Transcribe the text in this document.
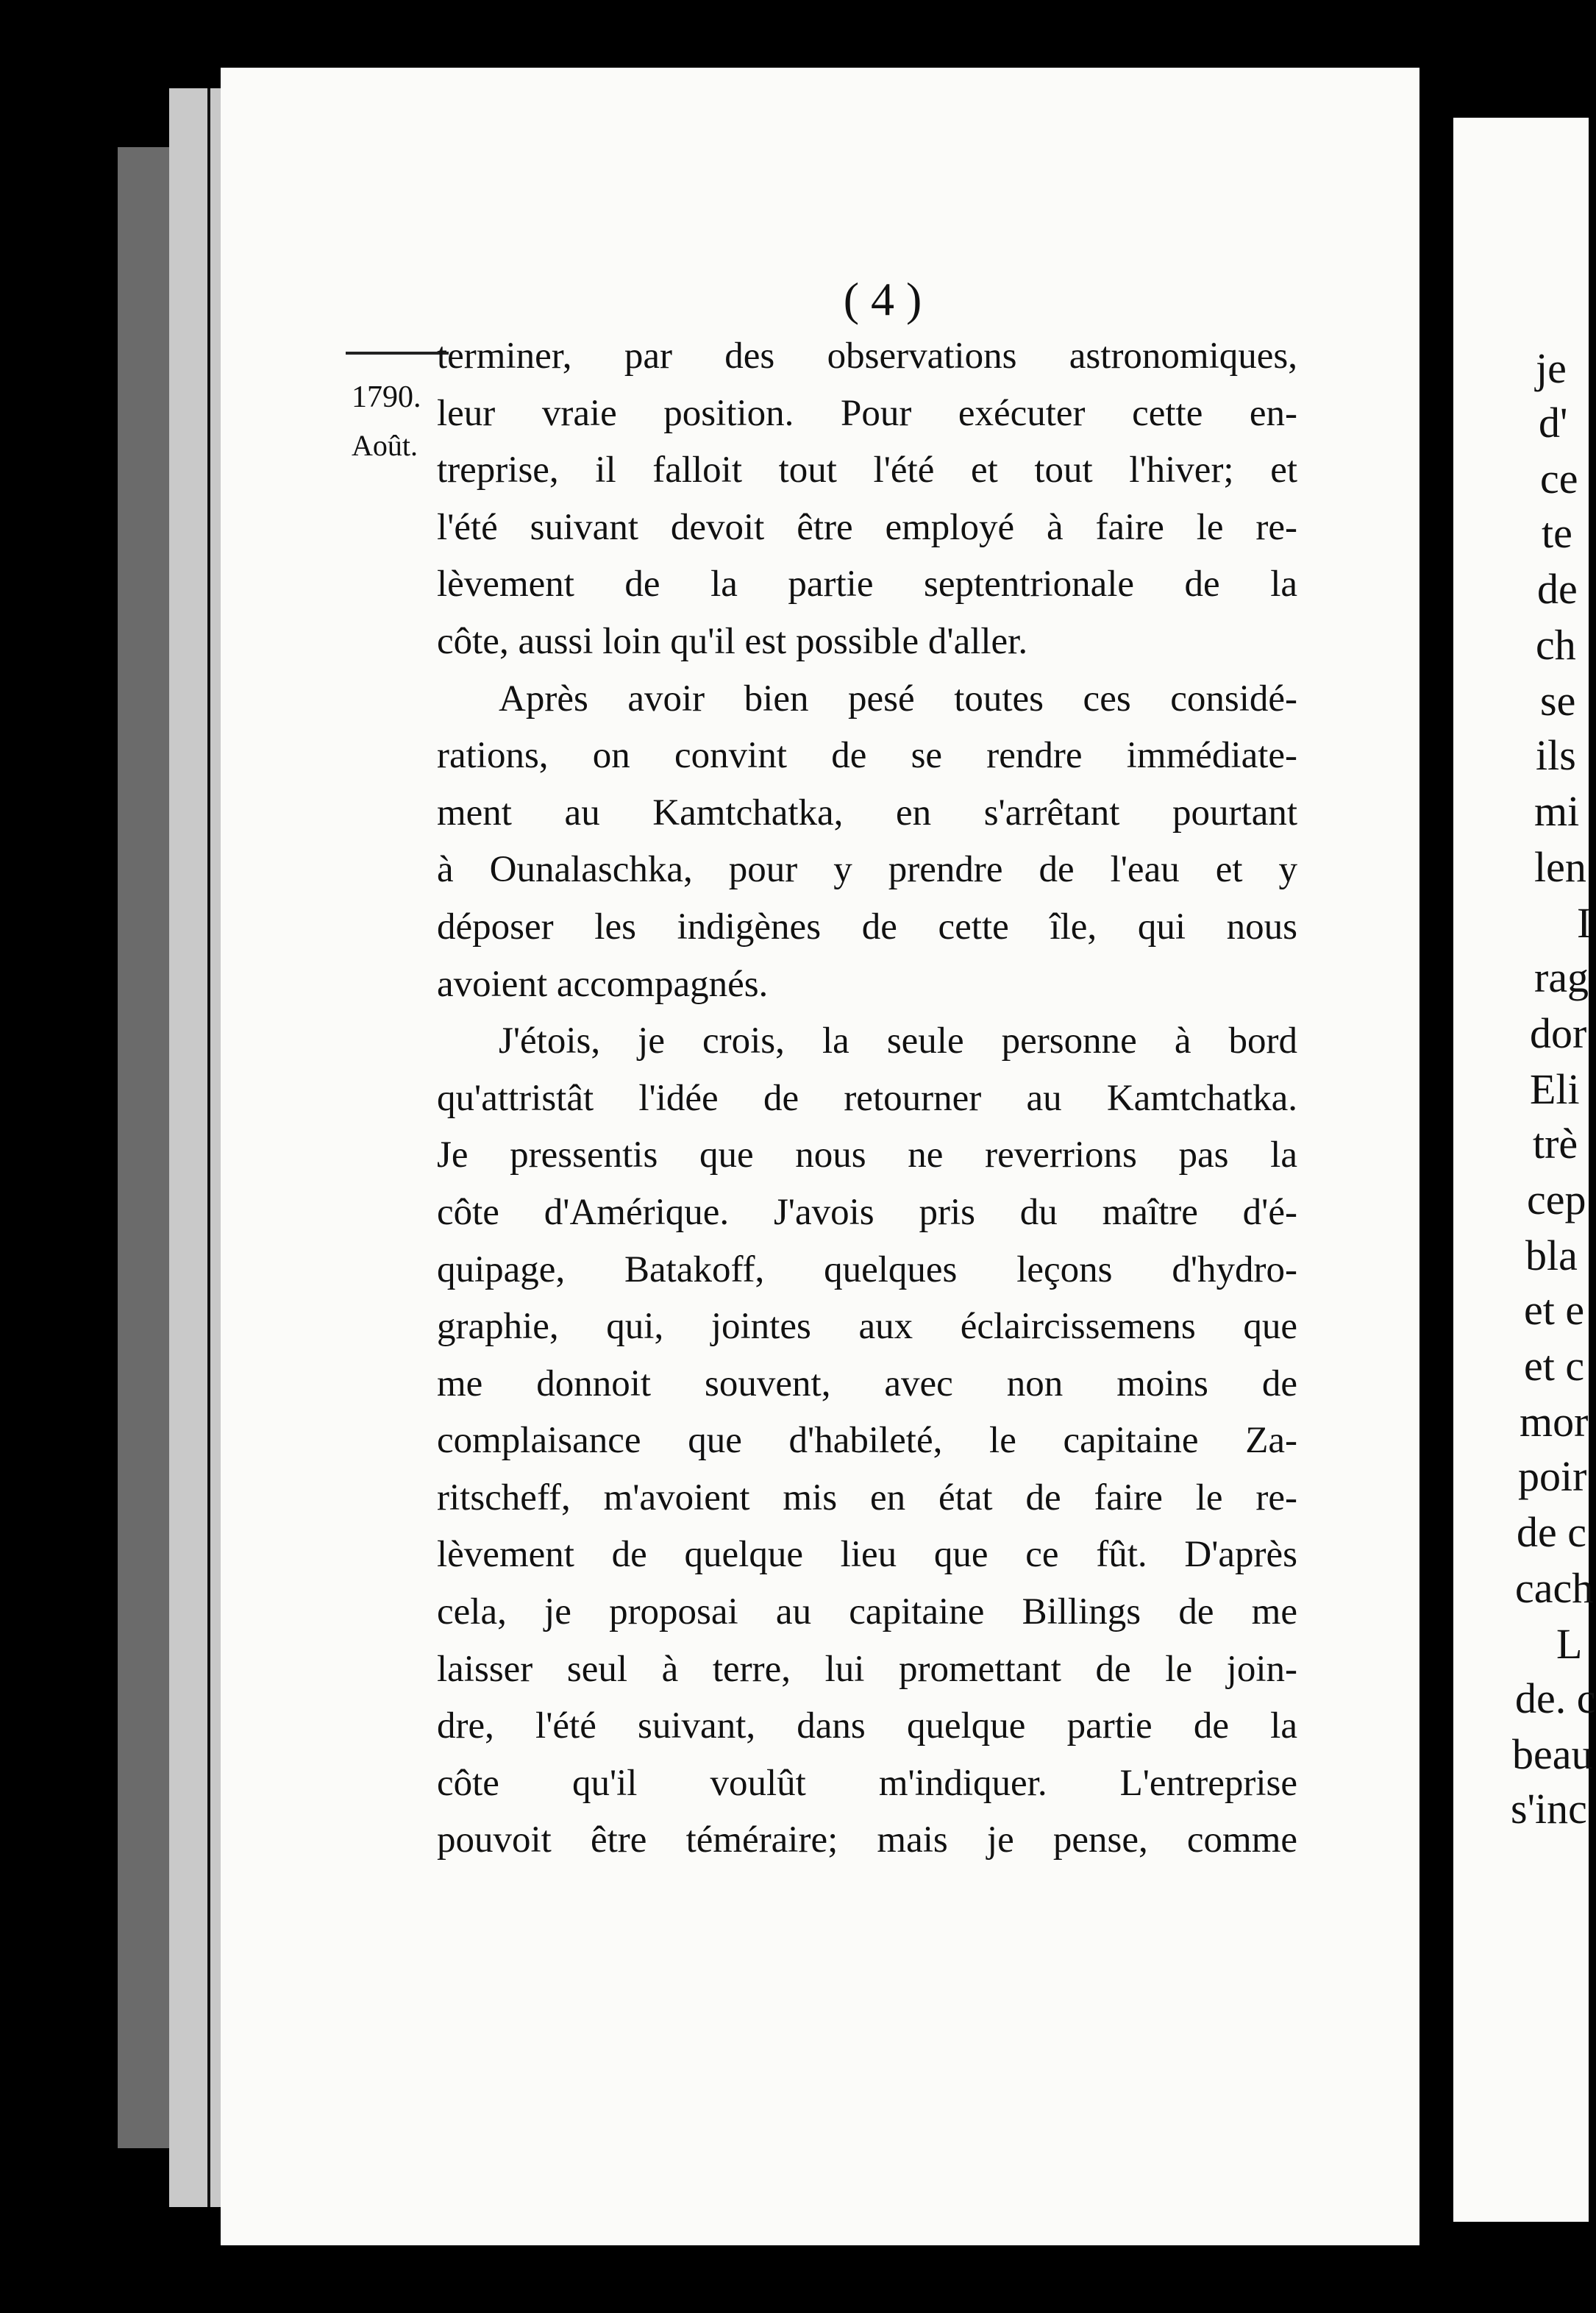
( 4 )
1790.
Août.
terminer, par des observations astronomiques,
leur vraie position. Pour exécuter cette en-
treprise, il falloit tout l'été et tout l'hiver; et
l'été suivant devoit être employé à faire le re-
lèvement de la partie septentrionale de la
côte, aussi loin qu'il est possible d'aller.
Après avoir bien pesé toutes ces considé-
rations, on convint de se rendre immédiate-
ment au Kamtchatka, en s'arrêtant pourtant
à Ounalaschka, pour y prendre de l'eau et y
déposer les indigènes de cette île, qui nous
avoient accompagnés.
J'étois, je crois, la seule personne à bord
qu'attristât l'idée de retourner au Kamtchatka.
Je pressentis que nous ne reverrions pas la
côte d'Amérique. J'avois pris du maître d'é-
quipage, Batakoff, quelques leçons d'hydro-
graphie, qui, jointes aux éclaircissemens que
me donnoit souvent, avec non moins de
complaisance que d'habileté, le capitaine Za-
ritscheff, m'avoient mis en état de faire le re-
lèvement de quelque lieu que ce fût. D'après
cela, je proposai au capitaine Billings de me
laisser seul à terre, lui promettant de le join-
dre, l'été suivant, dans quelque partie de la
côte qu'il voulût m'indiquer. L'entreprise
pouvoit être téméraire; mais je pense, comme
je
d'
ce
te
de
ch
se
ils
mi
len
I
rag
dor
Eli
trè
cep
bla
et e
et c
mor
poir
de c
cach
L
de. c
beau
s'inc
